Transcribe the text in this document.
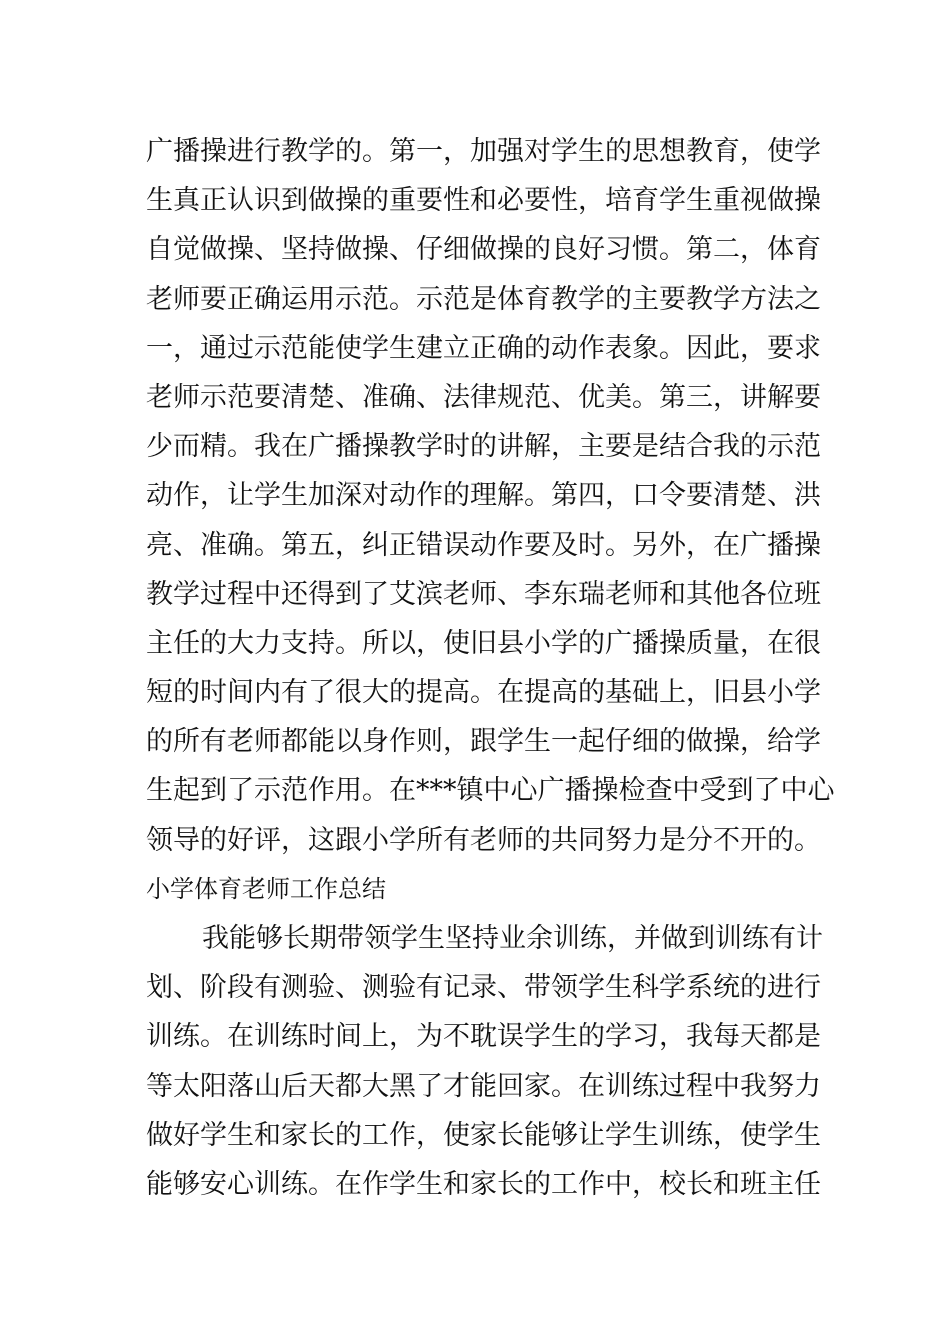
广播操进行教学的。第一，加强对学生的思想教育，使学
生真正认识到做操的重要性和必要性，培育学生重视做操
自觉做操、坚持做操、仔细做操的良好习惯。第二，体育
老师要正确运用示范。示范是体育教学的主要教学方法之
一，通过示范能使学生建立正确的动作表象。因此，要求
老师示范要清楚、准确、法律规范、优美。第三，讲解要
少而精。我在广播操教学时的讲解，主要是结合我的示范
动作，让学生加深对动作的理解。第四，口令要清楚、洪
亮、准确。第五，纠正错误动作要及时。另外，在广播操
教学过程中还得到了艾滨老师、李东瑞老师和其他各位班
主任的大力支持。所以，使旧县小学的广播操质量，在很
短的时间内有了很大的提高。在提高的基础上，旧县小学
的所有老师都能以身作则，跟学生一起仔细的做操，给学
生起到了示范作用。在***镇中心广播操检查中受到了中心
领导的好评，这跟小学所有老师的共同努力是分不开的。
小学体育老师工作总结
我能够长期带领学生坚持业余训练，并做到训练有计
划、阶段有测验、测验有记录、带领学生科学系统的进行
训练。在训练时间上，为不耽误学生的学习，我每天都是
等太阳落山后天都大黑了才能回家。在训练过程中我努力
做好学生和家长的工作，使家长能够让学生训练，使学生
能够安心训练。在作学生和家长的工作中，校长和班主任
